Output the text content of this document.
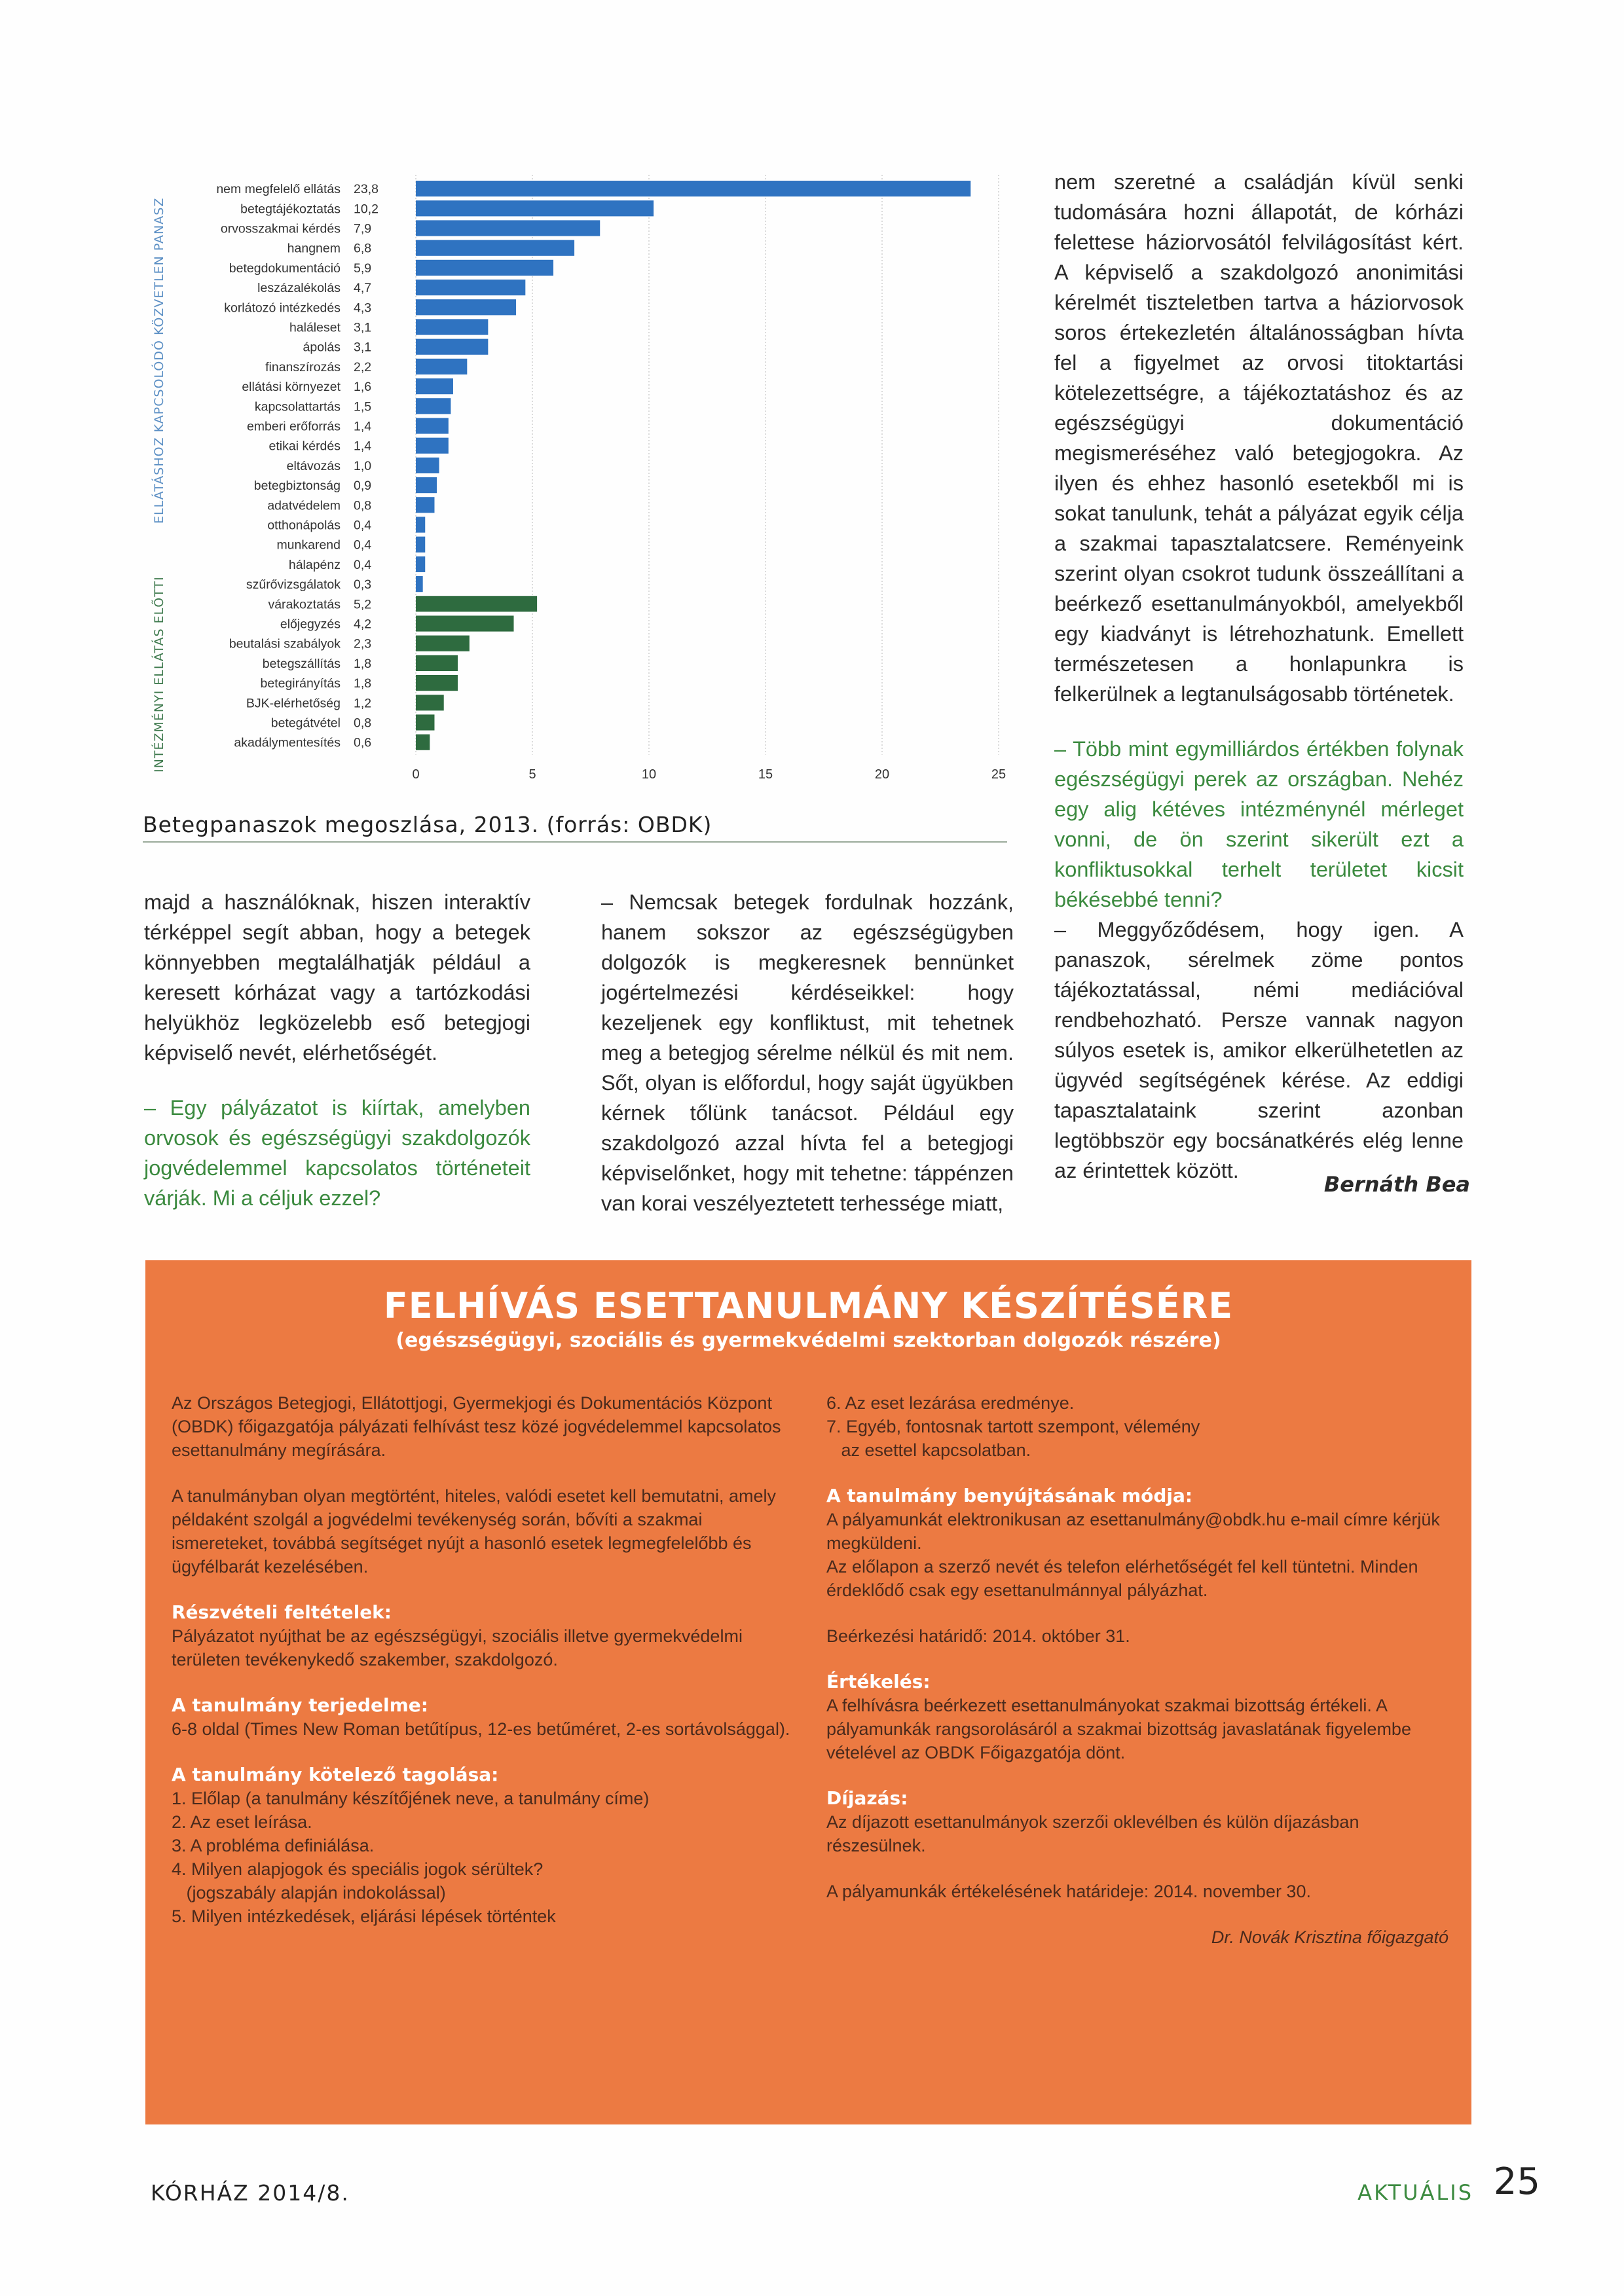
0	5	10	15	20	25
nem megfelelő ellátás 23,8
betegtájékoztatás 10,2
orvosszakmai kérdés 7,9
hangnem 6,8
betegdokumentáció 5,9
leszázalékolás 4,7
korlátozó intézkedés 4,3
haláleset 3,1
ápolás 3,1
finanszírozás 2,2
ellátási környezet 1,6
kapcsolattartás 1,5
emberi erőforrás 1,4
etikai kérdés 1,4
eltávozás 1,0
betegbiztonság 0,9
adatvédelem 0,8
otthonápolás 0,4
munkarend 0,4
hálapénz 0,4
szűrővizsgálatok 0,3
várakoztatás 5,2
előjegyzés 4,2
beutalási szabályok 2,3
betegszállítás 1,8
betegirányítás 1,8
BJK-elérhetőség 1,2
betegátvétel 0,8
akadálymentesítés 0,6
ELLÁTÁSHOZ KAPCSOLÓDÓ KÖZVETLEN PANASZ
INTÉZMÉNYI ELLÁTÁS ELŐTTI
Betegpanaszok megoszlása, 2013. (forrás: OBDK)

majd a használóknak, hiszen interaktív térképpel segít abban, hogy a betegek könnyebben megtalálhatják például a keresett kórházat vagy a tartózkodási helyükhöz legközelebb eső betegjogi képviselő nevét, elérhetőségét.

– Egy pályázatot is kiírtak, amelyben orvosok és egészségügyi szakdolgozók jogvédelemmel kapcsolatos történeteit várják. Mi a céljuk ezzel?

– Nemcsak betegek fordulnak hozzánk, hanem sokszor az egészségügyben dolgozók is megkeresnek bennünket jogértelmezési kérdéseikkel: hogy kezeljenek egy konfliktust, mit tehetnek meg a betegjog sérelme nélkül és mit nem. Sőt, olyan is előfordul, hogy saját ügyükben kérnek tőlünk tanácsot. Például egy szakdolgozó azzal hívta fel a betegjogi képviselőnket, hogy mit tehetne: táppénzen van korai veszélyeztetett terhessége miatt,

nem szeretné a családján kívül senki tudomására hozni állapotát, de kórházi felettese háziorvosától felvilágosítást kért. A képviselő a szakdolgozó anonimitási kérelmét tiszteletben tartva a háziorvosok soros értekezletén általánosságban hívta fel a figyelmet az orvosi titoktartási kötelezettségre, a tájékoztatáshoz és az egészségügyi dokumentáció megismeréséhez való betegjogokra. Az ilyen és ehhez hasonló esetekből mi is sokat tanulunk, tehát a pályázat egyik célja a szakmai tapasztalatcsere. Reményeink szerint olyan csokrot tudunk összeállítani a beérkező esettanulmányokból, amelyekből egy kiadványt is létrehozhatunk. Emellett természetesen a honlapunkra is felkerülnek a legtanulságosabb történetek.

– Több mint egymilliárdos értékben folynak egészségügyi perek az országban. Nehéz egy alig kétéves intézménynél mérleget vonni, de ön szerint sikerült ezt a konfliktusokkal terhelt területet kicsit békésebbé tenni?

– Meggyőződésem, hogy igen. A panaszok, sérelmek zöme pontos tájékoztatással, némi mediációval rendbehozható. Persze vannak nagyon súlyos esetek is, amikor elkerülhetetlen az ügyvéd segítségének kérése. Az eddigi tapasztalataink szerint azonban legtöbbször egy bocsánatkérés elég lenne az érintettek között.

Bernáth Bea
FELHÍVÁS ESETTANULMÁNY KÉSZÍTÉSÉRE
(egészségügyi, szociális és gyermekvédelmi szektorban dolgozók részére)
Az Országos Betegjogi, Ellátottjogi, Gyermekjogi és Dokumentációs Központ (OBDK) főigazgatója pályázati felhívást tesz közé jogvédelemmel kapcsolatos esettanulmány megírására.
A tanulmányban olyan megtörtént, hiteles, valódi esetet kell bemutatni, amely példaként szolgál a jogvédelmi tevékenység során, bővíti a szakmai ismereteket, továbbá segítséget nyújt a hasonló esetek legmegfelelőbb és ügyfélbarát kezelésében.
Részvételi feltételek:
Pályázatot nyújthat be az egészségügyi, szociális illetve gyermekvédelmi területen tevékenykedő szakember, szakdolgozó.
A tanulmány terjedelme:
6-8 oldal (Times New Roman betűtípus, 12-es betűméret, 2-es sortávolsággal).
A tanulmány kötelező tagolása:
1. Előlap (a tanulmány készítőjének neve, a tanulmány címe)
2. Az eset leírása.
3. A probléma definiálása.
4. Milyen alapjogok és speciális jogok sérültek?
(jogszabály alapján indokolással)
5. Milyen intézkedések, eljárási lépések történtek
6. Az eset lezárása eredménye.
7. Egyéb, fontosnak tartott szempont, vélemény
az esettel kapcsolatban.
A tanulmány benyújtásának módja:
A pályamunkát elektronikusan az esettanulmány@obdk.hu e-mail címre kérjük megküldeni.
Az előlapon a szerző nevét és telefon elérhetőségét fel kell tüntetni. Minden érdeklődő csak egy esettanulmánnyal pályázhat.
Beérkezési határidő: 2014. október 31.
Értékelés:
A felhívásra beérkezett esettanulmányokat szakmai bizottság értékeli. A pályamunkák rangsorolásáról a szakmai bizottság javaslatának figyelembe vételével az OBDK Főigazgatója dönt.
Díjazás:
Az díjazott esettanulmányok szerzői oklevélben és külön díjazásban részesülnek.
A pályamunkák értékelésének határideje: 2014. november 30.
Dr. Novák Krisztina főigazgató
KÓRHÁZ 2014/8.	AKTUÁLIS 25
